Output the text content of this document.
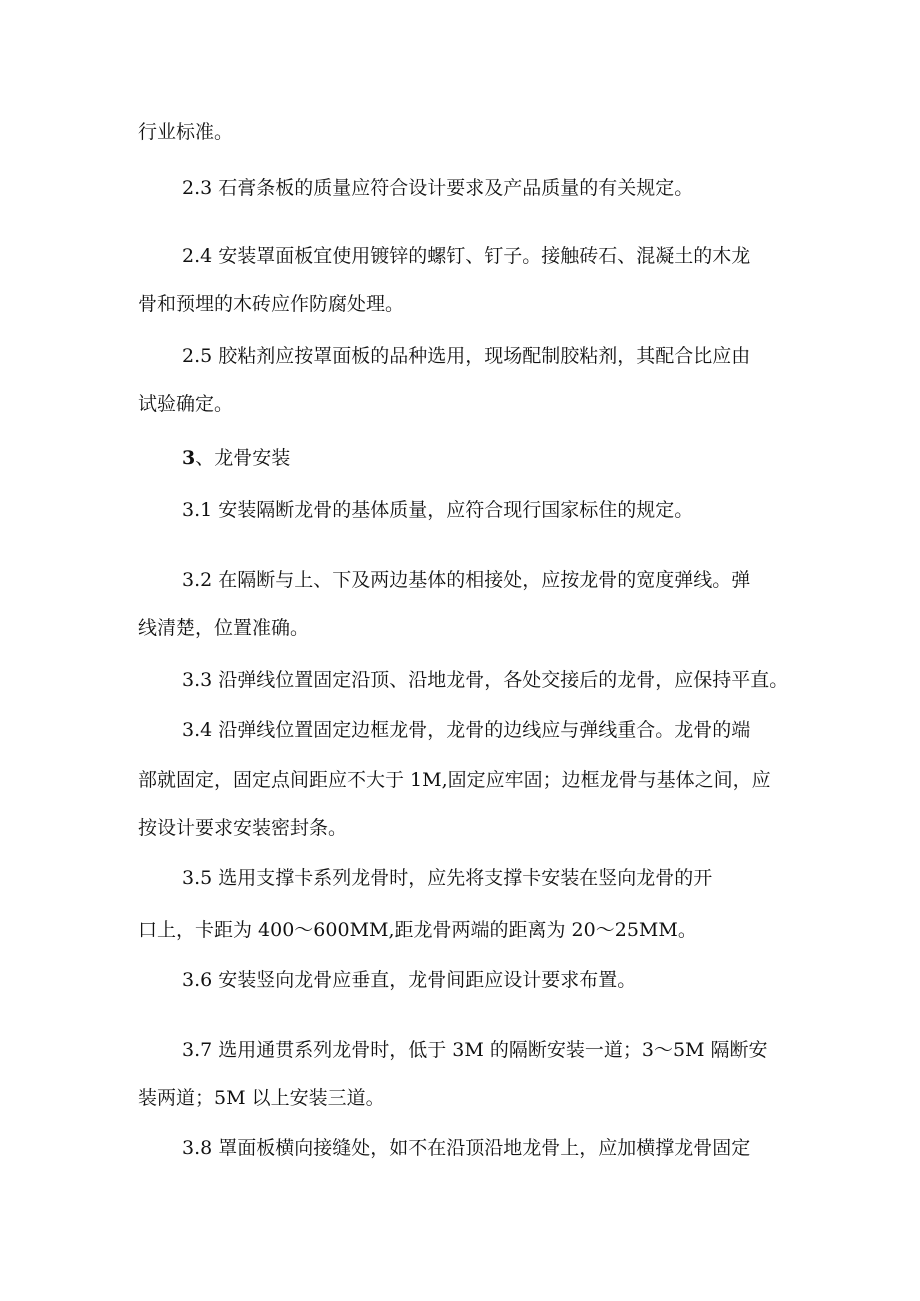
行业标准。
2.3 石膏条板的质量应符合设计要求及产品质量的有关规定。
2.4 安装罩面板宜使用镀锌的螺钉、钉子。接触砖石、混凝土的木龙
骨和预埋的木砖应作防腐处理。
2.5 胶粘剂应按罩面板的品种选用，现场配制胶粘剂，其配合比应由
试验确定。
3、龙骨安装
3.1 安装隔断龙骨的基体质量，应符合现行国家标住的规定。
3.2 在隔断与上、下及两边基体的相接处，应按龙骨的宽度弹线。弹
线清楚，位置准确。
3.3 沿弹线位置固定沿顶、沿地龙骨，各处交接后的龙骨，应保持平直。
3.4 沿弹线位置固定边框龙骨，龙骨的边线应与弹线重合。龙骨的端
部就固定，固定点间距应不大于 1M,固定应牢固；边框龙骨与基体之间，应
按设计要求安装密封条。
3.5 选用支撑卡系列龙骨时，应先将支撑卡安装在竖向龙骨的开
口上，卡距为 400～600MM,距龙骨两端的距离为 20～25MM。
3.6 安装竖向龙骨应垂直，龙骨间距应设计要求布置。
3.7 选用通贯系列龙骨时，低于 3M 的隔断安装一道；3～5M 隔断安
装两道；5M 以上安装三道。
3.8 罩面板横向接缝处，如不在沿顶沿地龙骨上，应加横撑龙骨固定
